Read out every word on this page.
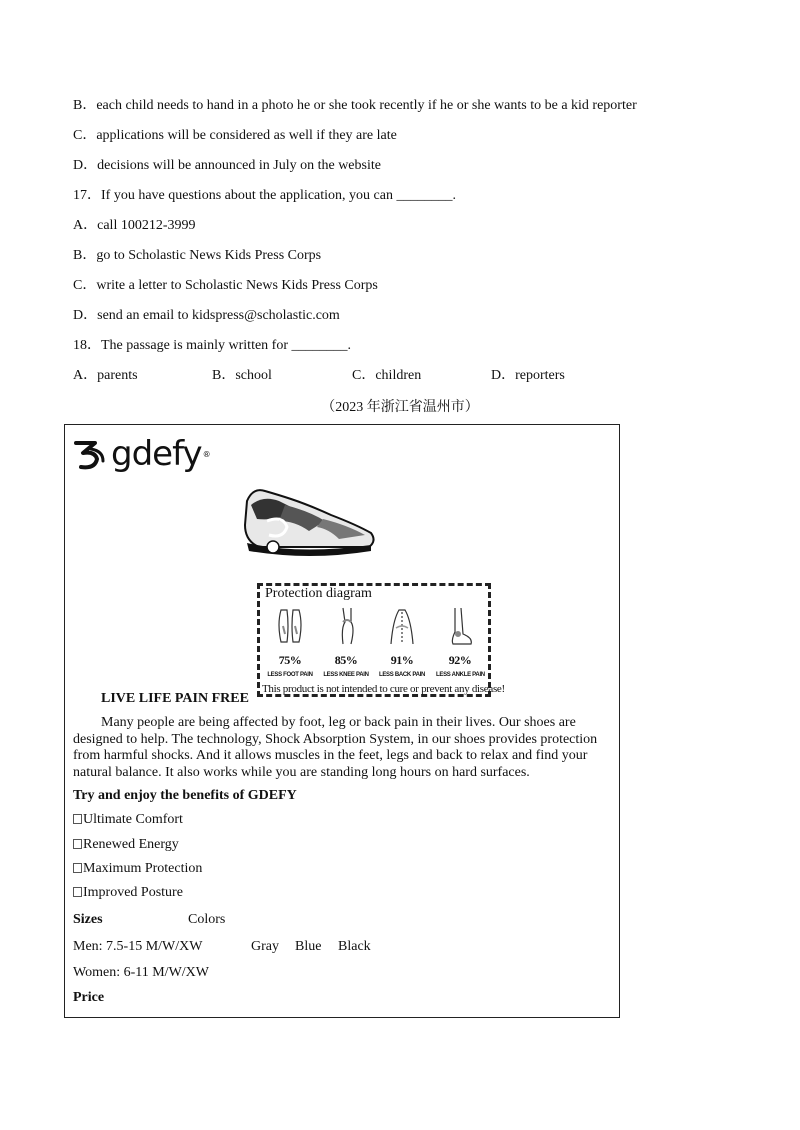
B．each child needs to hand in a photo he or she took recently if he or she wants to be a kid reporter
C．applications will be considered as well if they are late
D．decisions will be announced in July on the website
17．If you have questions about the application, you can ________.
A．call 100212-3999
B．go to Scholastic News Kids Press Corps
C．write a letter to Scholastic News Kids Press Corps
D．send an email to kidspress@scholastic.com
18．The passage is mainly written for ________.
A．parents	B．school	C．children	D．reporters
（2023 年浙江省温州市）
gdefy ®
Protection diagram
75%
LESS FOOT PAIN
85%
LESS KNEE PAIN
91%
LESS BACK PAIN
92%
LESS ANKLE PAIN
This product is not intended to cure or prevent any disease!
LIVE LIFE PAIN FREE
Many people are being affected by foot, leg or back pain in their lives. Our shoes are designed to help. The technology, Shock Absorption System, in our shoes provides protection from harmful shocks. And it allows muscles in the feet, legs and back to relax and find your natural balance. It also works while you are standing long hours on hard surfaces.
Try and enjoy the benefits of GDEFY
Ultimate Comfort
Renewed Energy
Maximum Protection
Improved Posture
Sizes	Colors
Men: 7.5-15 M/W/XW	Gray Blue Black
Women: 6-11 M/W/XW
Price
